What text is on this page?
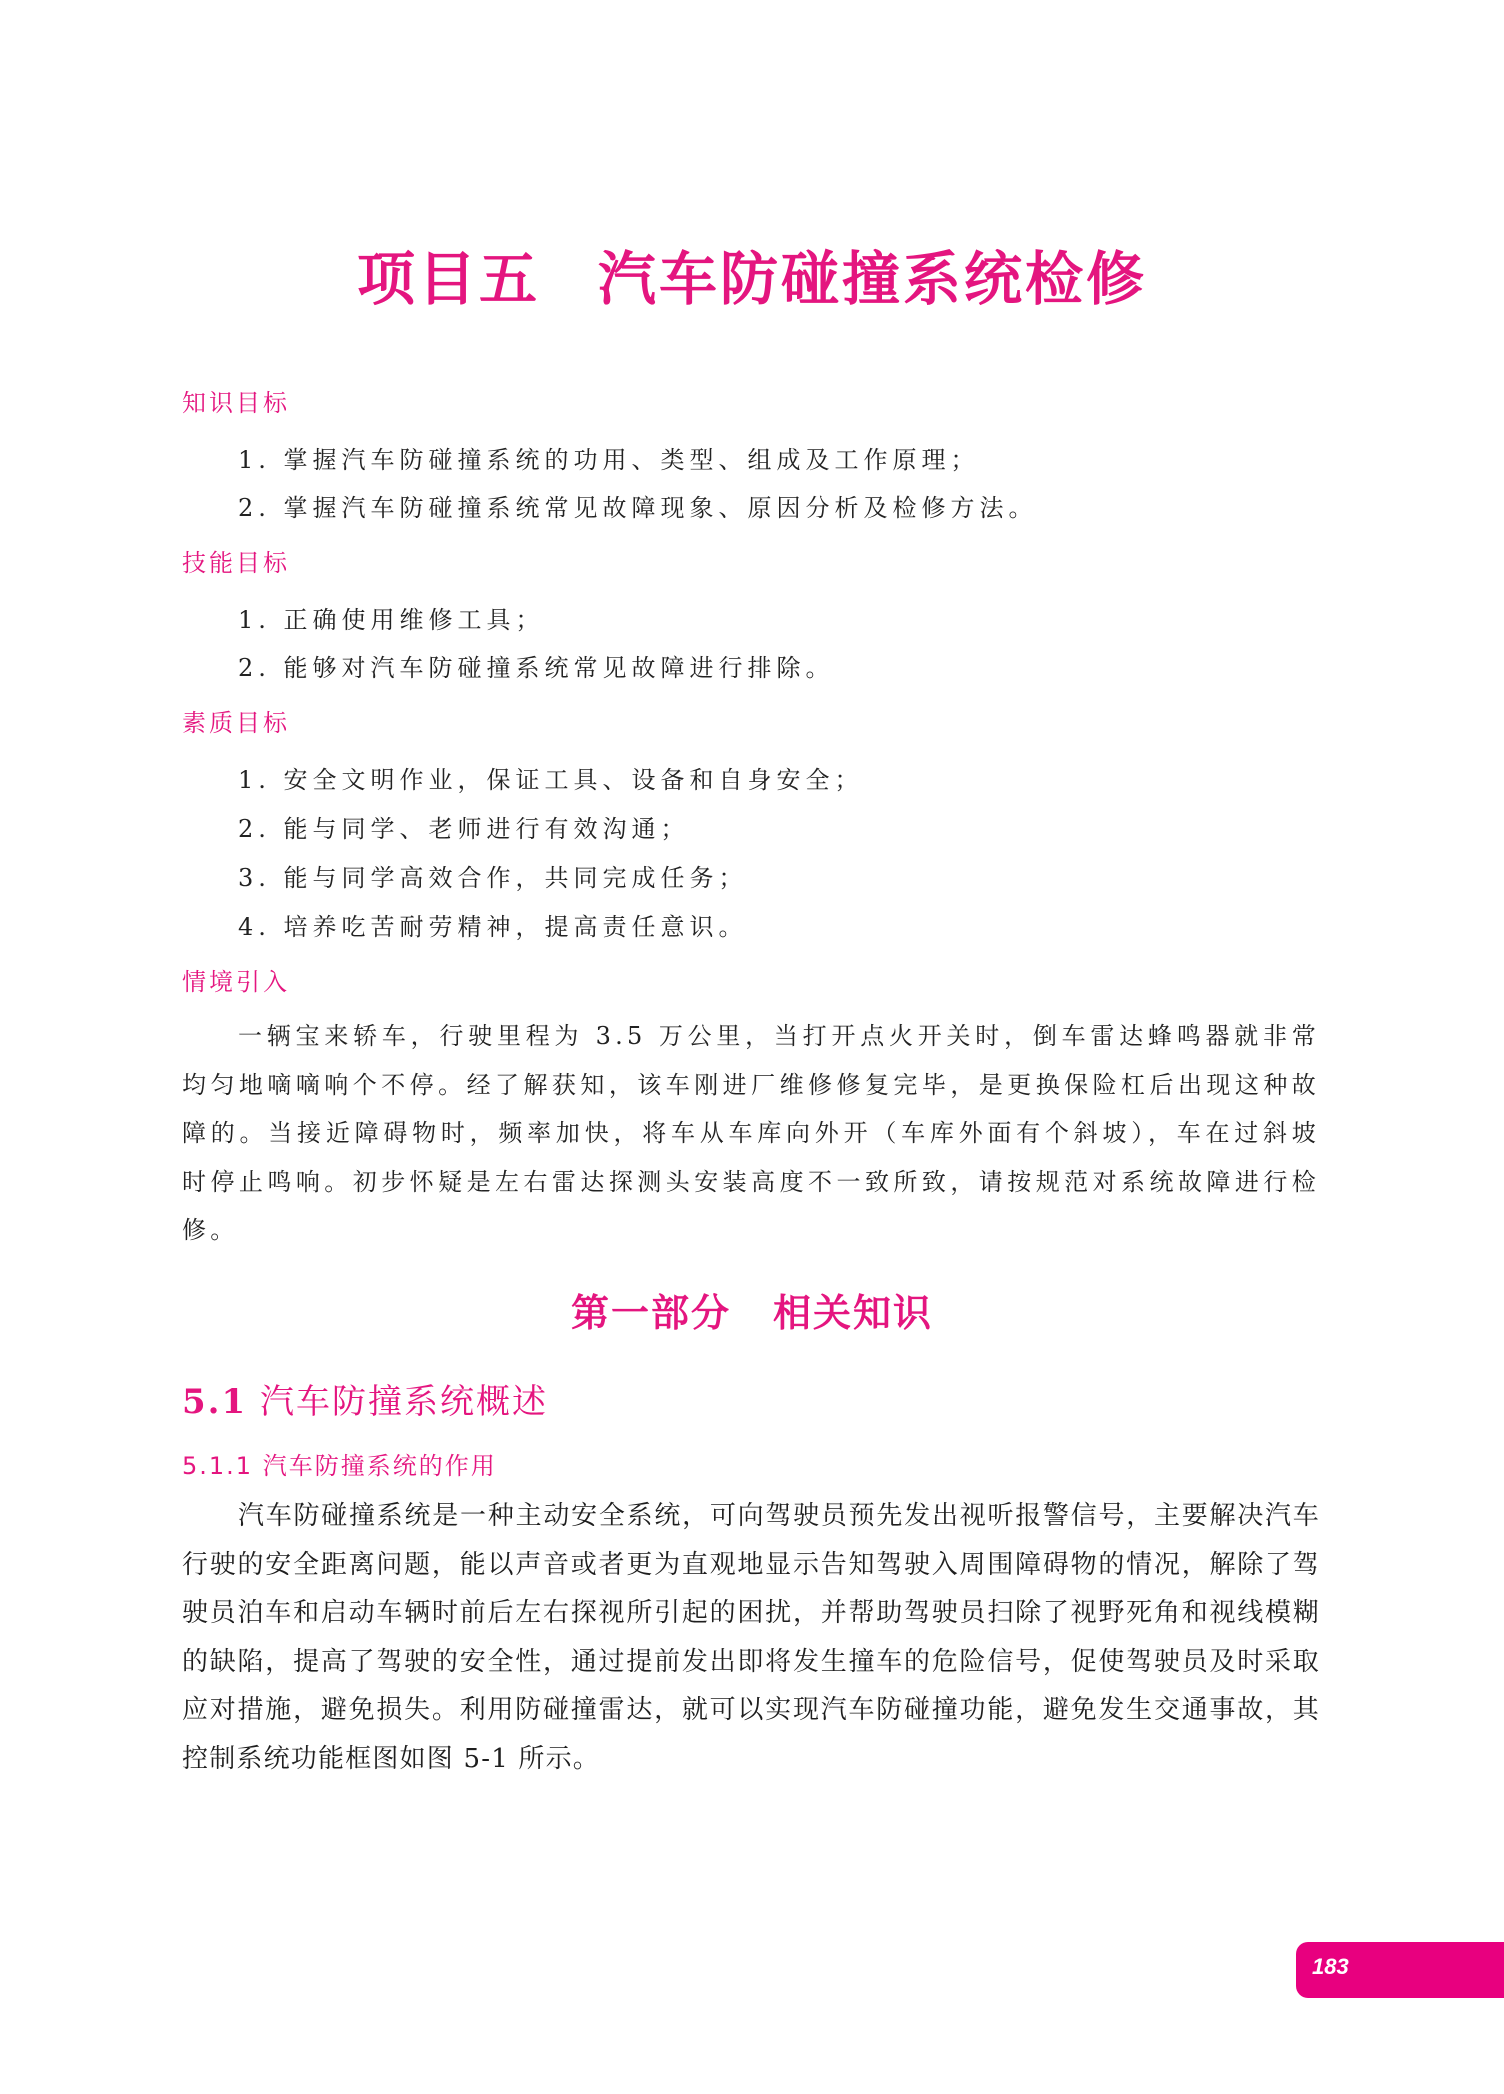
项目五 汽车防碰撞系统检修
知识目标
1. 掌握汽车防碰撞系统的功用、类型、组成及工作原理；
2. 掌握汽车防碰撞系统常见故障现象、原因分析及检修方法。
技能目标
1. 正确使用维修工具；
2. 能够对汽车防碰撞系统常见故障进行排除。
素质目标
1. 安全文明作业，保证工具、设备和自身安全；
2. 能与同学、老师进行有效沟通；
3. 能与同学高效合作，共同完成任务；
4. 培养吃苦耐劳精神，提高责任意识。
情境引入
一辆宝来轿车，行驶里程为 3.5 万公里，当打开点火开关时，倒车雷达蜂鸣器就非常均匀地嘀嘀响个不停。经了解获知，该车刚进厂维修修复完毕，是更换保险杠后出现这种故障的。当接近障碍物时，频率加快，将车从车库向外开（车库外面有个斜坡），车在过斜坡时停止鸣响。初步怀疑是左右雷达探测头安装高度不一致所致，请按规范对系统故障进行检修。
第一部分 相关知识
5.1 汽车防撞系统概述
5.1.1 汽车防撞系统的作用
汽车防碰撞系统是一种主动安全系统，可向驾驶员预先发出视听报警信号，主要解决汽车行驶的安全距离问题，能以声音或者更为直观地显示告知驾驶入周围障碍物的情况，解除了驾驶员泊车和启动车辆时前后左右探视所引起的困扰，并帮助驾驶员扫除了视野死角和视线模糊的缺陷，提高了驾驶的安全性，通过提前发出即将发生撞车的危险信号，促使驾驶员及时采取应对措施，避免损失。利用防碰撞雷达，就可以实现汽车防碰撞功能，避免发生交通事故，其控制系统功能框图如图 5-1 所示。
183
